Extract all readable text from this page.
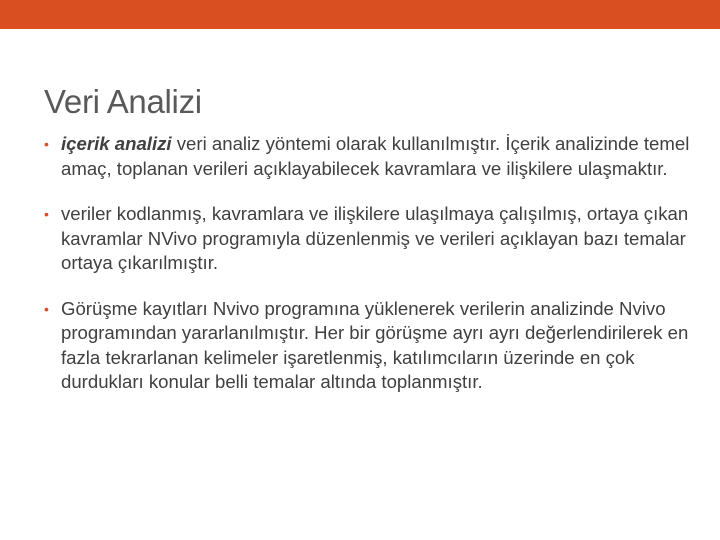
Veri Analizi
• içerik analizi veri analiz yöntemi olarak kullanılmıştır. İçerik analizinde temel amaç, toplanan verileri açıklayabilecek kavramlara ve ilişkilere ulaşmaktır.
• veriler kodlanmış, kavramlara ve ilişkilere ulaşılmaya çalışılmış, ortaya çıkan kavramlar NVivo programıyla düzenlenmiş ve verileri açıklayan bazı temalar ortaya çıkarılmıştır.
• Görüşme kayıtları Nvivo programına yüklenerek verilerin analizinde Nvivo programından yararlanılmıştır. Her bir görüşme ayrı ayrı değerlendirilerek en fazla tekrarlanan kelimeler işaretlenmiş, katılımcıların üzerinde en çok durdukları konular belli temalar altında toplanmıştır.
